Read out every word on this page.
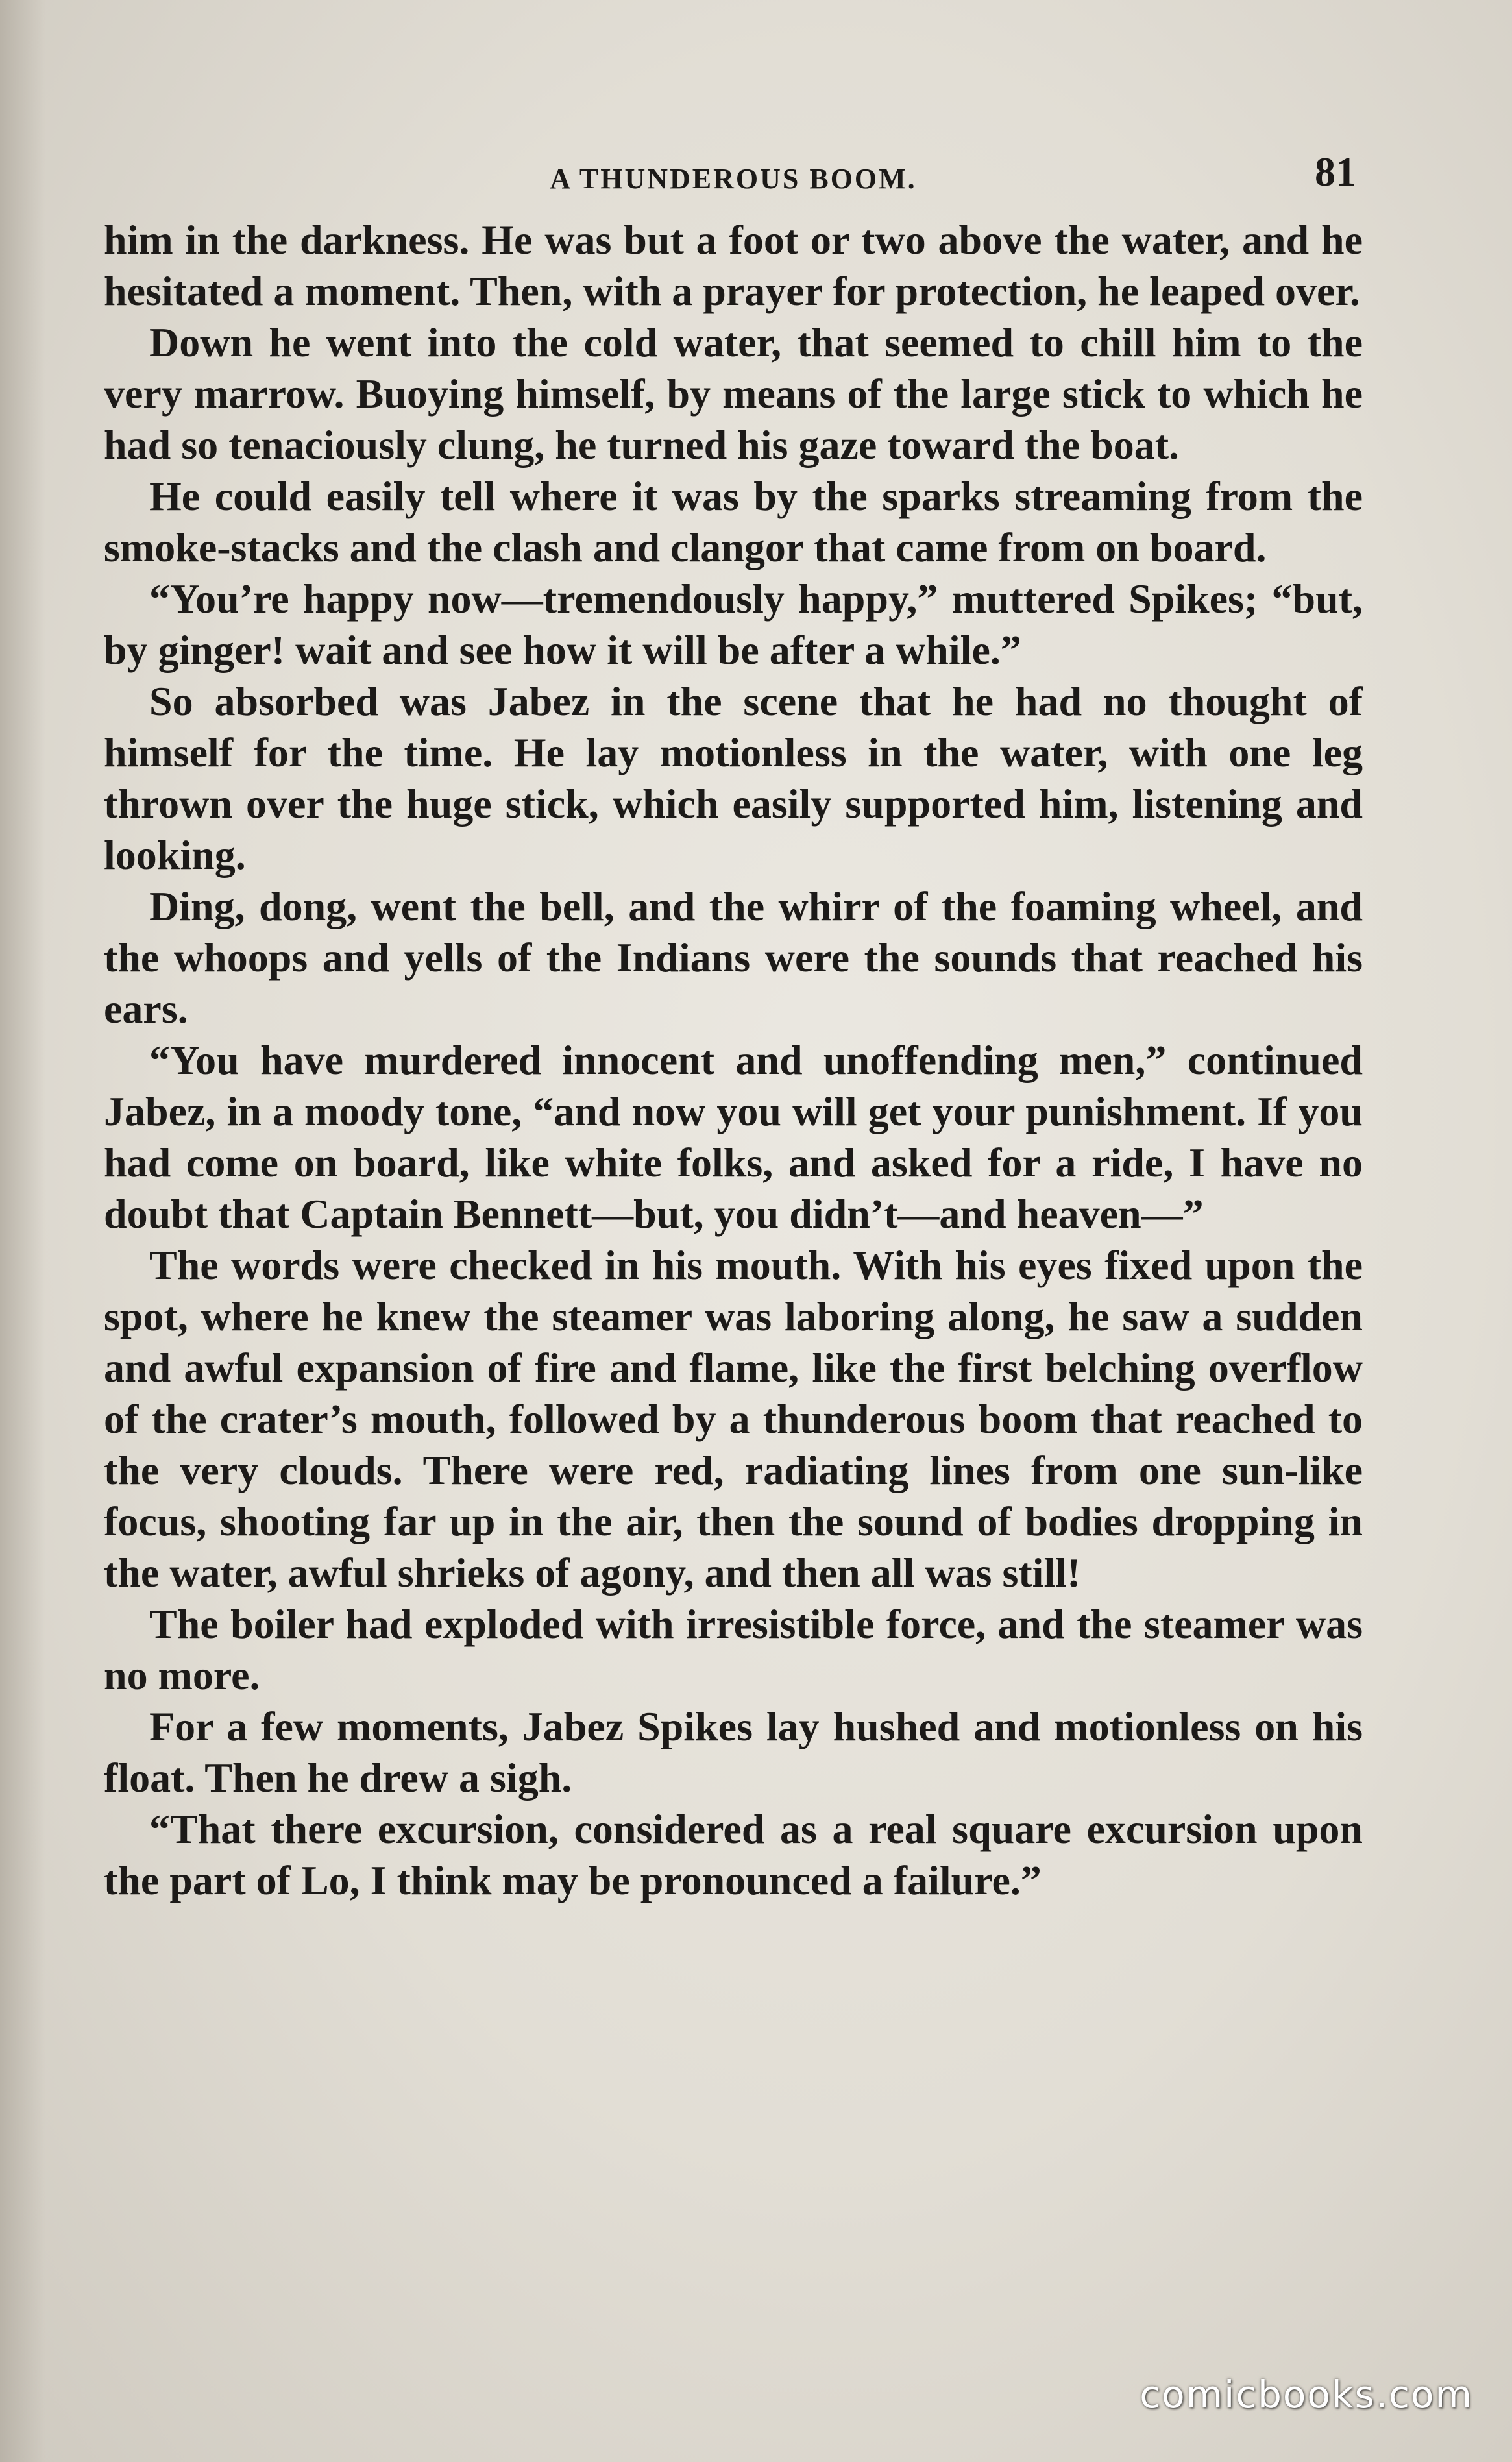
A THUNDEROUS BOOM.	81

him in the darkness. He was but a foot or two above the water, and he hesitated a moment. Then, with a prayer for protection, he leaped over.

Down he went into the cold water, that seemed to chill him to the very marrow. Buoying himself, by means of the large stick to which he had so tenaciously clung, he turned his gaze toward the boat.

He could easily tell where it was by the sparks streaming from the smoke-stacks and the clash and clangor that came from on board.

“You’re happy now—tremendously happy,” muttered Spikes; “but, by ginger! wait and see how it will be after a while.”

So absorbed was Jabez in the scene that he had no thought of himself for the time. He lay motionless in the water, with one leg thrown over the huge stick, which easily supported him, listening and looking.

Ding, dong, went the bell, and the whirr of the foaming wheel, and the whoops and yells of the Indians were the sounds that reached his ears.

“You have murdered innocent and unoffending men,” continued Jabez, in a moody tone, “and now you will get your punishment. If you had come on board, like white folks, and asked for a ride, I have no doubt that Captain Bennett—but, you didn’t—and heaven—”

The words were checked in his mouth. With his eyes fixed upon the spot, where he knew the steamer was laboring along, he saw a sudden and awful expansion of fire and flame, like the first belching overflow of the crater’s mouth, followed by a thunderous boom that reached to the very clouds. There were red, radiating lines from one sun-like focus, shooting far up in the air, then the sound of bodies dropping in the water, awful shrieks of agony, and then all was still!

The boiler had exploded with irresistible force, and the steamer was no more.

For a few moments, Jabez Spikes lay hushed and motionless on his float. Then he drew a sigh.

“That there excursion, considered as a real square excursion upon the part of Lo, I think may be pronounced a failure.”

comicbooks.com
